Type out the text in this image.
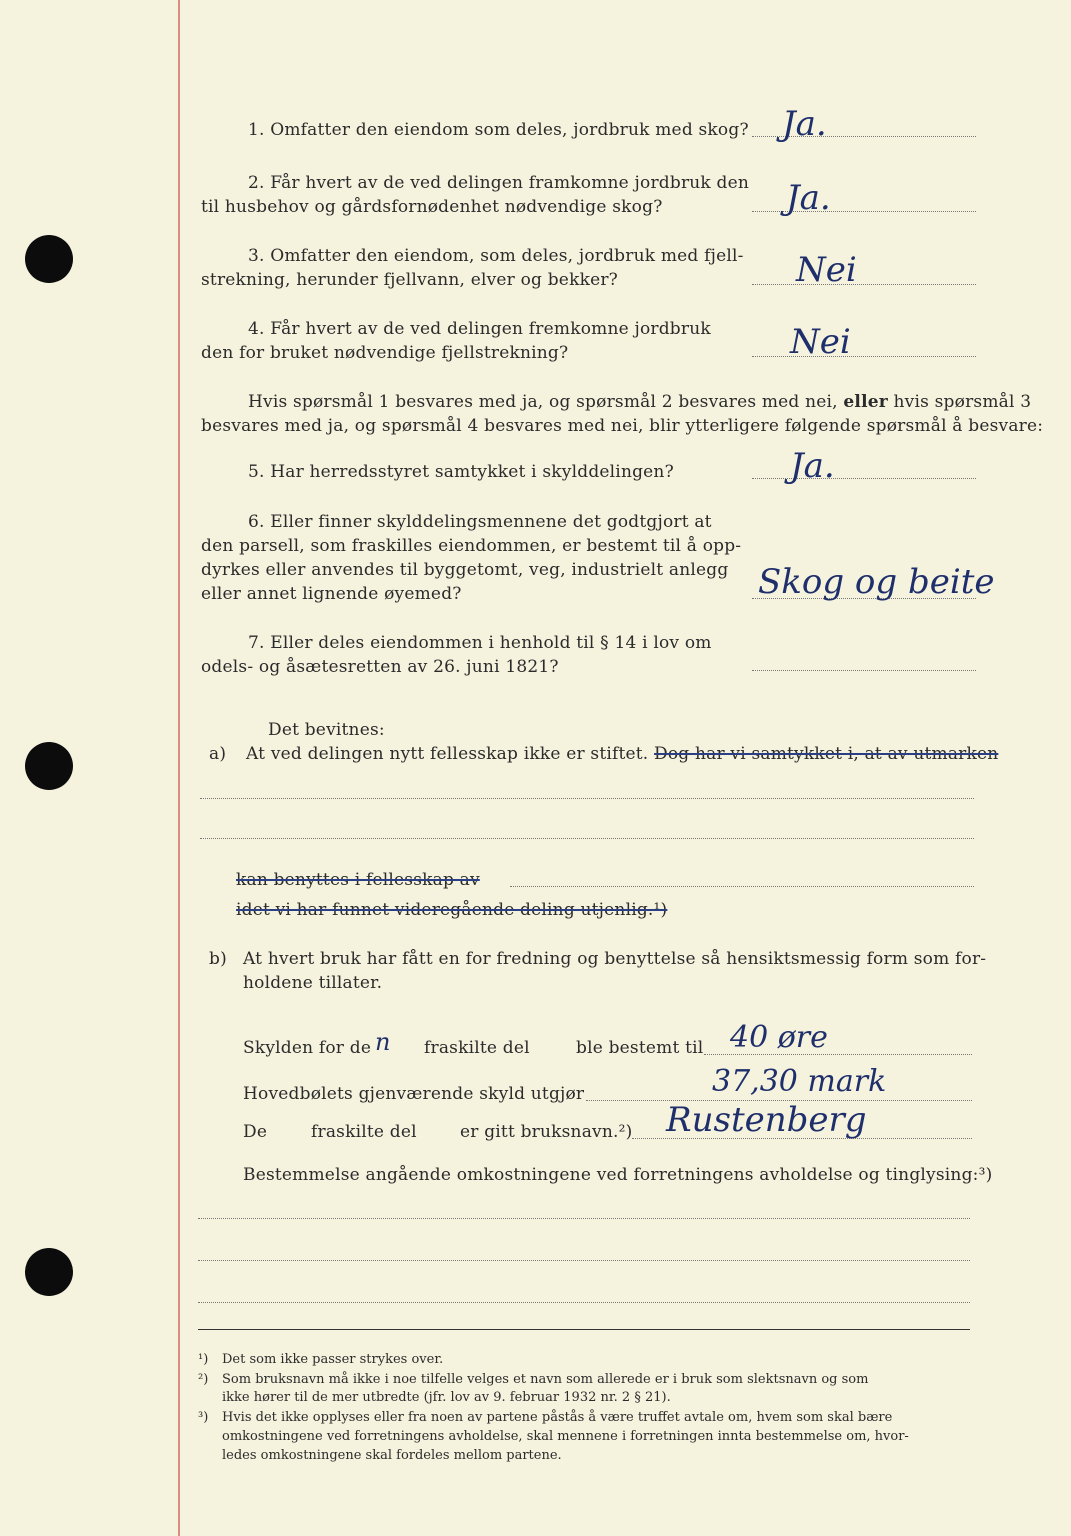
1. Omfatter den eiendom som deles, jordbruk med skog? Ja.
2. Får hvert av de ved delingen framkomne jordbruk den
til husbehov og gårdsfornødenhet nødvendige skog?	Ja.
3. Omfatter den eiendom, som deles, jordbruk med fjell-
strekning, herunder fjellvann, elver og bekker?	Nei
4. Får hvert av de ved delingen fremkomne jordbruk
den for bruket nødvendige fjellstrekning?	Nei
Hvis spørsmål 1 besvares med ja, og spørsmål 2 besvares med nei, eller hvis spørsmål 3
besvares med ja, og spørsmål 4 besvares med nei, blir ytterligere følgende spørsmål å besvare:
5. Har herredsstyret samtykket i skylddelingen?	Ja.
6. Eller finner skylddelingsmennene det godtgjort at
den parsell, som fraskilles eiendommen, er bestemt til å opp-
dyrkes eller anvendes til byggetomt, veg, industrielt anlegg
eller annet lignende øyemed?	Skog og beite
7. Eller deles eiendommen i henhold til § 14 i lov om
odels- og åsætesretten av 26. juni 1821?
Det bevitnes:
a) At ved delingen nytt fellesskap ikke er stiftet. Dog har vi samtykket i, at av utmarken
kan benyttes i fellesskap av
idet vi har funnet videregående deling utjenlig.¹)
b) At hvert bruk har fått en for fredning og benyttelse så hensiktsmessig form som for-
holdene tillater.
Skylden for de n fraskilte del	ble bestemt til 40 øre
Hovedbølets gjenværende skyld utgjør	37,30 mark
De	fraskilte del	er gitt bruksnavn.²) Rustenberg
Bestemmelse angående omkostningene ved forretningens avholdelse og tinglysing:³)
¹) Det som ikke passer strykes over.
²) Som bruksnavn må ikke i noe tilfelle velges et navn som allerede er i bruk som slektsnavn og som
ikke hører til de mer utbredte (jfr. lov av 9. februar 1932 nr. 2 § 21).
³) Hvis det ikke opplyses eller fra noen av partene påstås å være truffet avtale om, hvem som skal bære
omkostningene ved forretningens avholdelse, skal mennene i forretningen innta bestemmelse om, hvor-
ledes omkostningene skal fordeles mellom partene.
